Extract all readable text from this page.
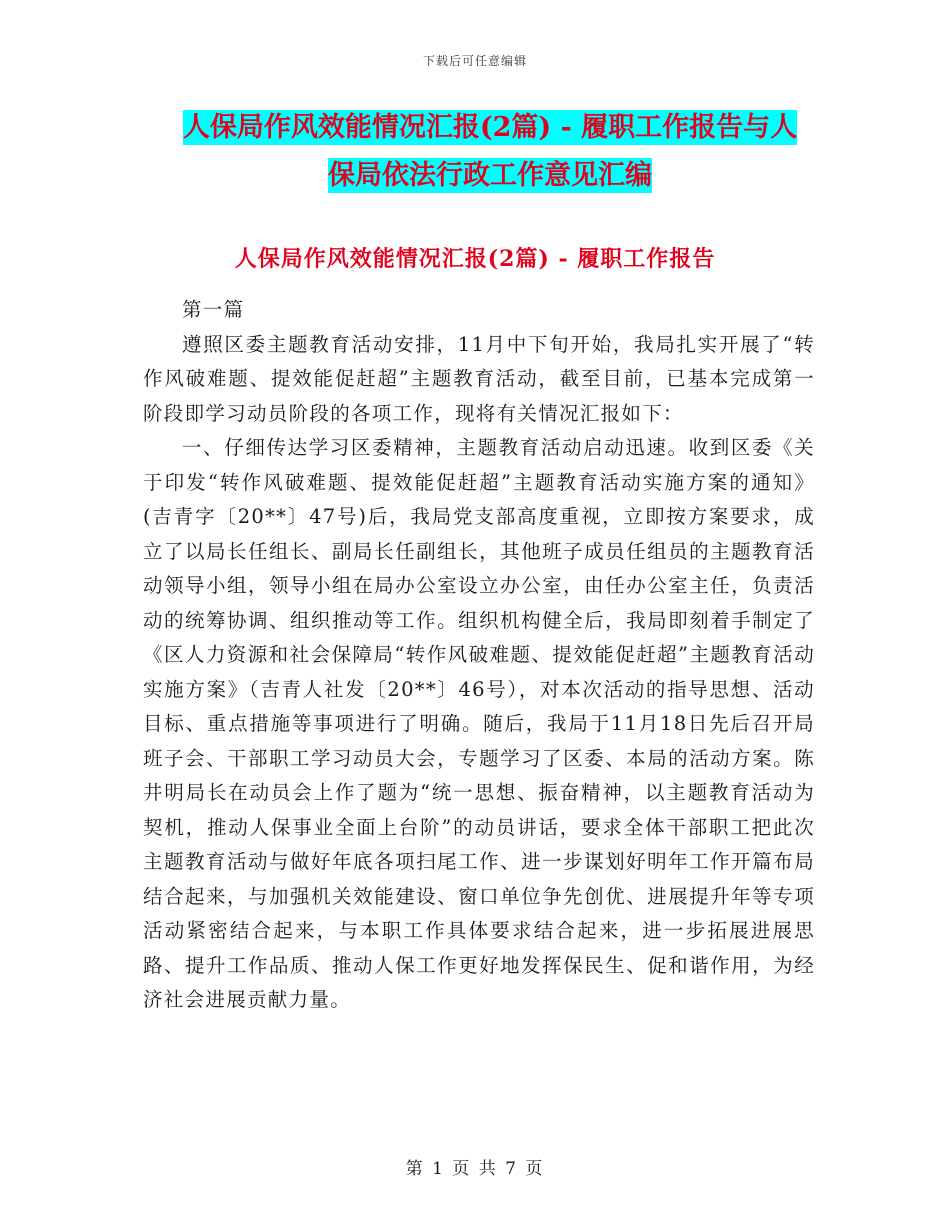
下载后可任意编辑
人保局作风效能情况汇报(2篇) - 履职工作报告与人
保局依法行政工作意见汇编
人保局作风效能情况汇报(2篇) - 履职工作报告

第一篇

遵照区委主题教育活动安排，11月中下旬开始，我局扎实开展了“转作风破难题、提效能促赶超”主题教育活动，截至目前，已基本完成第一阶段即学习动员阶段的各项工作，现将有关情况汇报如下：

一、仔细传达学习区委精神，主题教育活动启动迅速。收到区委《关于印发“转作风破难题、提效能促赶超”主题教育活动实施方案的通知》(吉青字〔20**〕47号)后，我局党支部高度重视，立即按方案要求，成立了以局长任组长、副局长任副组长，其他班子成员任组员的主题教育活动领导小组，领导小组在局办公室设立办公室，由任办公室主任，负责活动的统筹协调、组织推动等工作。组织机构健全后，我局即刻着手制定了《区人力资源和社会保障局“转作风破难题、提效能促赶超”主题教育活动实施方案》（吉青人社发〔20**〕46号），对本次活动的指导思想、活动目标、重点措施等事项进行了明确。随后，我局于11月18日先后召开局班子会、干部职工学习动员大会，专题学习了区委、本局的活动方案。陈井明局长在动员会上作了题为“统一思想、振奋精神，以主题教育活动为契机，推动人保事业全面上台阶”的动员讲话，要求全体干部职工把此次主题教育活动与做好年底各项扫尾工作、进一步谋划好明年工作开篇布局结合起来，与加强机关效能建设、窗口单位争先创优、进展提升年等专项活动紧密结合起来，与本职工作具体要求结合起来，进一步拓展进展思路、提升工作品质、推动人保工作更好地发挥保民生、促和谐作用，为经济社会进展贡献力量。

第 1 页 共 7 页
